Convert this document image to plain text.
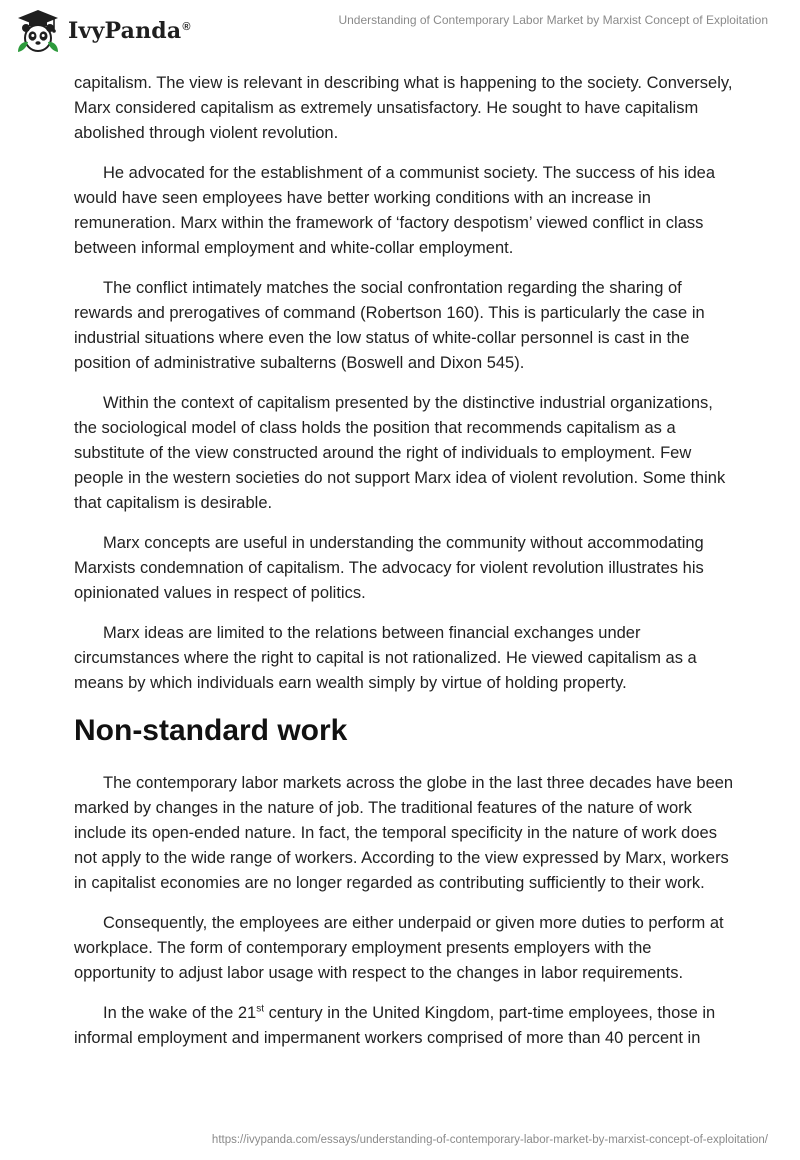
IvyPanda®	Understanding of Contemporary Labor Market by Marxist Concept of Exploitation

capitalism. The view is relevant in describing what is happening to the society. Conversely, Marx considered capitalism as extremely unsatisfactory. He sought to have capitalism abolished through violent revolution.

He advocated for the establishment of a communist society. The success of his idea would have seen employees have better working conditions with an increase in remuneration. Marx within the framework of ‘factory despotism’ viewed conflict in class between informal employment and white-collar employment.

The conflict intimately matches the social confrontation regarding the sharing of rewards and prerogatives of command (Robertson 160). This is particularly the case in industrial situations where even the low status of white-collar personnel is cast in the position of administrative subalterns (Boswell and Dixon 545).

Within the context of capitalism presented by the distinctive industrial organizations, the sociological model of class holds the position that recommends capitalism as a substitute of the view constructed around the right of individuals to employment. Few people in the western societies do not support Marx idea of violent revolution. Some think that capitalism is desirable.

Marx concepts are useful in understanding the community without accommodating Marxists condemnation of capitalism. The advocacy for violent revolution illustrates his opinionated values in respect of politics.

Marx ideas are limited to the relations between financial exchanges under circumstances where the right to capital is not rationalized. He viewed capitalism as a means by which individuals earn wealth simply by virtue of holding property.

Non-standard work

The contemporary labor markets across the globe in the last three decades have been marked by changes in the nature of job. The traditional features of the nature of work include its open-ended nature. In fact, the temporal specificity in the nature of work does not apply to the wide range of workers. According to the view expressed by Marx, workers in capitalist economies are no longer regarded as contributing sufficiently to their work.

Consequently, the employees are either underpaid or given more duties to perform at workplace. The form of contemporary employment presents employers with the opportunity to adjust labor usage with respect to the changes in labor requirements.

In the wake of the 21st century in the United Kingdom, part-time employees, those in informal employment and impermanent workers comprised of more than 40 percent in

https://ivypanda.com/essays/understanding-of-contemporary-labor-market-by-marxist-concept-of-exploitation/
